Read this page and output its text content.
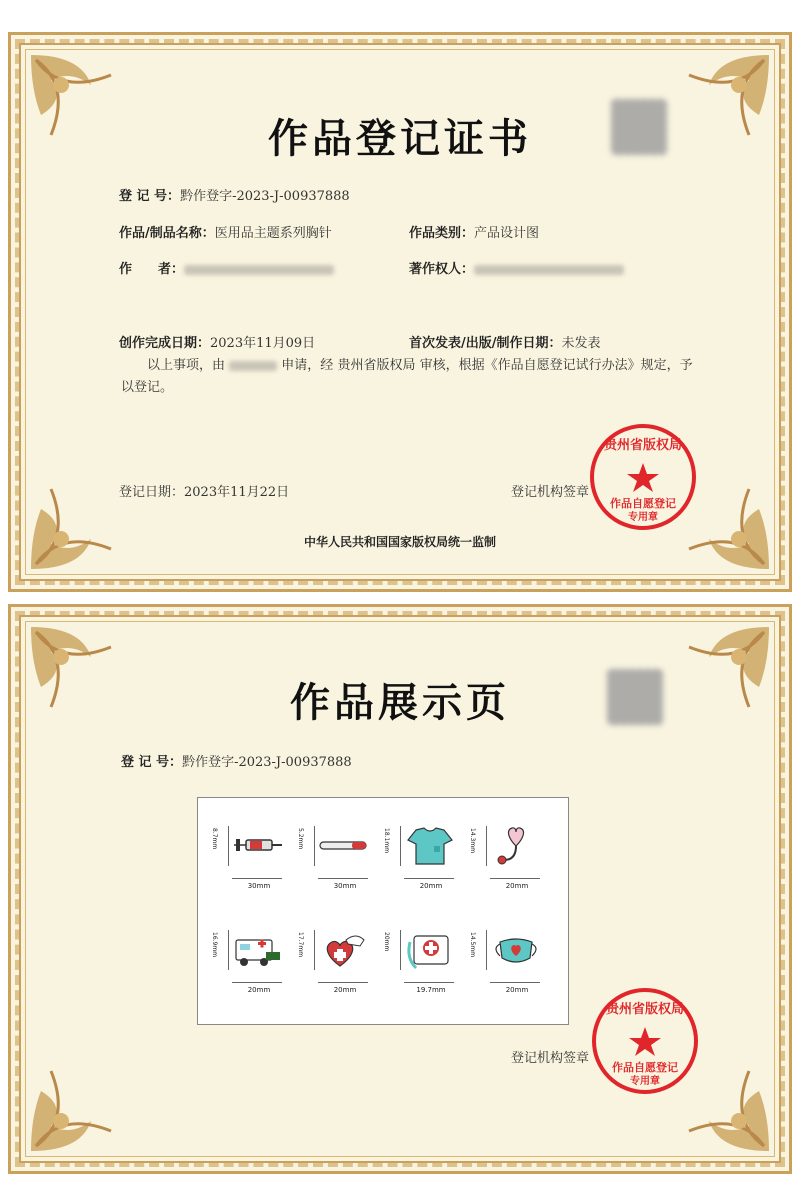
作品登记证书
登 记 号：黔作登字-2023-J-00937888
作品/制品名称：医用品主题系列胸针	作品类别：产品设计图
作　　者：	著作权人：
创作完成日期：2023年11月09日	首次发表/出版/制作日期：未发表
以上事项，由	申请，经 贵州省版权局 审核，根据《作品自愿登记试行办法》规定，予
以登记。
登记日期：2023年11月22日	登记机构签章
贵州省版权局
作品自愿登记
专用章
中华人民共和国国家版权局统一监制
作品展示页
登 记 号：黔作登字-2023-J-00937888
8.7mm
30mm
5.2mm
30mm
18.1mm
20mm
14.3mm
20mm
16.9mm
20mm
17.7mm
20mm
20mm
19.7mm
14.5mm
20mm
登记机构签章
贵州省版权局
作品自愿登记
专用章
